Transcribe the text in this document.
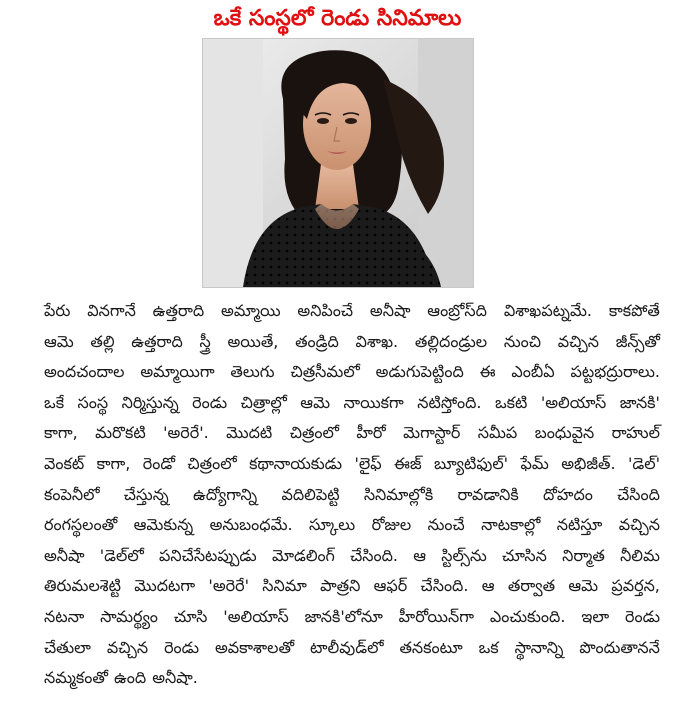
ఒకే సంస్థలో రెండు సినిమాలు
పేరు వినగానే ఉత్తరాది అమ్మాయి అనిపించే అనీషా ఆంబ్రోస్‌ది విశాఖపట్నమే. కాకపోతే
ఆమె తల్లి ఉత్తరాది స్త్రీ అయితే, తండ్రిది విశాఖ. తల్లిదండ్రుల నుంచి వచ్చిన జీన్స్‌తో
అందచందాల అమ్మాయిగా తెలుగు చిత్రసీమలో అడుగుపెట్టింది ఈ ఎంబీఏ పట్టభద్రురాలు.
ఒకే సంస్థ నిర్మిస్తున్న రెండు చిత్రాల్లో ఆమె నాయికగా నటిస్తోంది. ఒకటి 'అలియాస్ జానకి'
కాగా, మరొకటి 'అరెరే'. మొదటి చిత్రంలో హీరో మెగాస్టార్ సమీప బంధువైన రాహుల్
వెంకట్ కాగా, రెండో చిత్రంలో కథానాయకుడు 'లైఫ్ ఈజ్ బ్యూటిఫుల్' ఫేమ్ అభిజీత్. 'డెల్'
కంపెనీలో చేస్తున్న ఉద్యోగాన్ని వదిలిపెట్టి సినిమాల్లోకి రావడానికి దోహదం చేసింది
రంగస్థలంతో ఆమెకున్న అనుబంధమే. స్కూలు రోజుల నుంచే నాటకాల్లో నటిస్తూ వచ్చిన
అనీషా 'డెల్‌లో పనిచేసేటప్పుడు మోడలింగ్ చేసింది. ఆ స్టిల్స్‌ను చూసిన నిర్మాత నీలిమ
తిరుమలశెట్టి మొదటగా 'అరెరే' సినిమా పాత్రని ఆఫర్ చేసింది. ఆ తర్వాత ఆమె ప్రవర్తన,
నటనా సామర్థ్యం చూసి 'అలియాస్ జానకి'లోనూ హీరోయిన్‌గా ఎంచుకుంది. ఇలా రెండు
చేతులా వచ్చిన రెండు అవకాశాలతో టాలీవుడ్‌లో తనకంటూ ఒక స్థానాన్ని పొందుతాననే
నమ్మకంతో ఉంది అనీషా.
